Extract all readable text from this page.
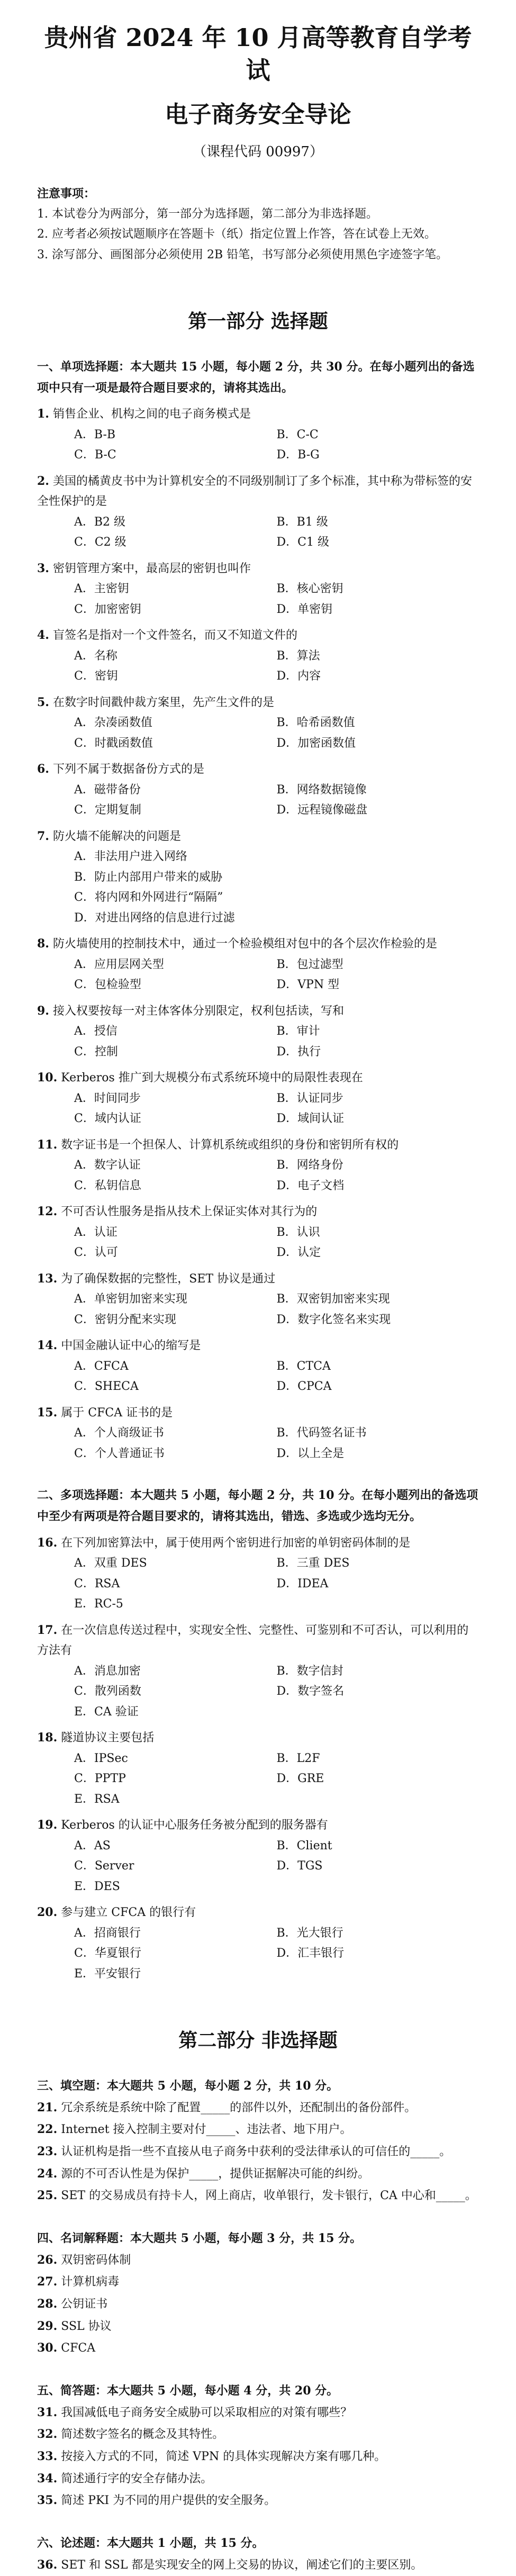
贵州省 2024 年 10 月高等教育自学考试
电子商务安全导论
（课程代码 00997）
注意事项：
1. 本试卷分为两部分，第一部分为选择题，第二部分为非选择题。
2. 应考者必须按试题顺序在答题卡（纸）指定位置上作答，答在试卷上无效。
3. 涂写部分、画图部分必须使用 2B 铅笔，书写部分必须使用黑色字迹签字笔。
第一部分 选择题
一、单项选择题：本大题共 15 小题，每小题 2 分，共 30 分。在每小题列出的备选项中只有一项是最符合题目要求的，请将其选出。
1. 销售企业、机构之间的电子商务模式是
A．B-B	B．C-C
C．B-C	D．B-G
2. 美国的橘黄皮书中为计算机安全的不同级别制订了多个标准，其中称为带标签的安全性保护的是
A．B2 级	B．B1 级
C．C2 级	D．C1 级
3. 密钥管理方案中，最高层的密钥也叫作
A．主密钥	B．核心密钥
C．加密密钥	D．单密钥
4. 盲签名是指对一个文件签名，而又不知道文件的
A．名称	B．算法
C．密钥	D．内容
5. 在数字时间戳仲裁方案里，先产生文件的是
A．杂凑函数值	B．哈希函数值
C．时戳函数值	D．加密函数值
6. 下列不属于数据备份方式的是
A．磁带备份	B．网络数据镜像
C．定期复制	D．远程镜像磁盘
7. 防火墙不能解决的问题是
A．非法用户进入网络
B．防止内部用户带来的威胁
C．将内网和外网进行“隔隔”
D．对进出网络的信息进行过滤
8. 防火墙使用的控制技术中，通过一个检验模组对包中的各个层次作检验的是
A．应用层网关型	B．包过滤型
C．包检验型	D．VPN 型
9. 接入权要按每一对主体客体分别限定，权利包括读，写和
A．授信	B．审计
C．控制	D．执行
10. Kerberos 推广到大规模分布式系统环境中的局限性表现在
A．时间同步	B．认证同步
C．域内认证	D．域间认证
11. 数字证书是一个担保人、计算机系统或组织的身份和密钥所有权的
A．数字认证	B．网络身份
C．私钥信息	D．电子文档
12. 不可否认性服务是指从技术上保证实体对其行为的
A．认证	B．认识
C．认可	D．认定
13. 为了确保数据的完整性，SET 协议是通过
A．单密钥加密来实现	B．双密钥加密来实现
C．密钥分配来实现	D．数字化签名来实现
14. 中国金融认证中心的缩写是
A．CFCA	B．CTCA
C．SHECA	D．CPCA
15. 属于 CFCA 证书的是
A．个人商级证书	B．代码签名证书
C．个人普通证书	D．以上全是
二、多项选择题：本大题共 5 小题，每小题 2 分，共 10 分。在每小题列出的备选项中至少有两项是符合题目要求的，请将其选出，错选、多选或少选均无分。
16. 在下列加密算法中，属于使用两个密钥进行加密的单钥密码体制的是
A．双重 DES	B．三重 DES
C．RSA	D．IDEA
E．RC-5
17. 在一次信息传送过程中，实现安全性、完整性、可鉴别和不可否认，可以利用的方法有
A．消息加密	B．数字信封
C．散列函数	D．数字签名
E．CA 验证
18. 隧道协议主要包括
A．IPSec	B．L2F
C．PPTP	D．GRE
E．RSA
19. Kerberos 的认证中心服务任务被分配到的服务器有
A．AS	B．Client
C．Server	D．TGS
E．DES
20. 参与建立 CFCA 的银行有
A．招商银行	B．光大银行
C．华夏银行	D．汇丰银行
E．平安银行
第二部分 非选择题
三、填空题：本大题共 5 小题，每小题 2 分，共 10 分。
21. 冗余系统是系统中除了配置_____的部件以外，还配制出的备份部件。
22. Internet 接入控制主要对付_____、违法者、地下用户。
23. 认证机构是指一些不直接从电子商务中获利的受法律承认的可信任的_____。
24. 源的不可否认性是为保护_____，提供证据解决可能的纠纷。
25. SET 的交易成员有持卡人，网上商店，收单银行，发卡银行，CA 中心和_____。
四、名词解释题：本大题共 5 小题，每小题 3 分，共 15 分。
26. 双钥密码体制
27. 计算机病毒
28. 公钥证书
29. SSL 协议
30. CFCA
五、简答题：本大题共 5 小题，每小题 4 分，共 20 分。
31. 我国减低电子商务安全威胁可以采取相应的对策有哪些？
32. 简述数字签名的概念及其特性。
33. 按接入方式的不同，简述 VPN 的具体实现解决方案有哪几种。
34. 简述通行字的安全存储办法。
35. 简述 PKI 为不同的用户提供的安全服务。
六、论述题：本大题共 1 小题，共 15 分。
36. SET 和 SSL 都是实现安全的网上交易的协议，阐述它们的主要区别。
